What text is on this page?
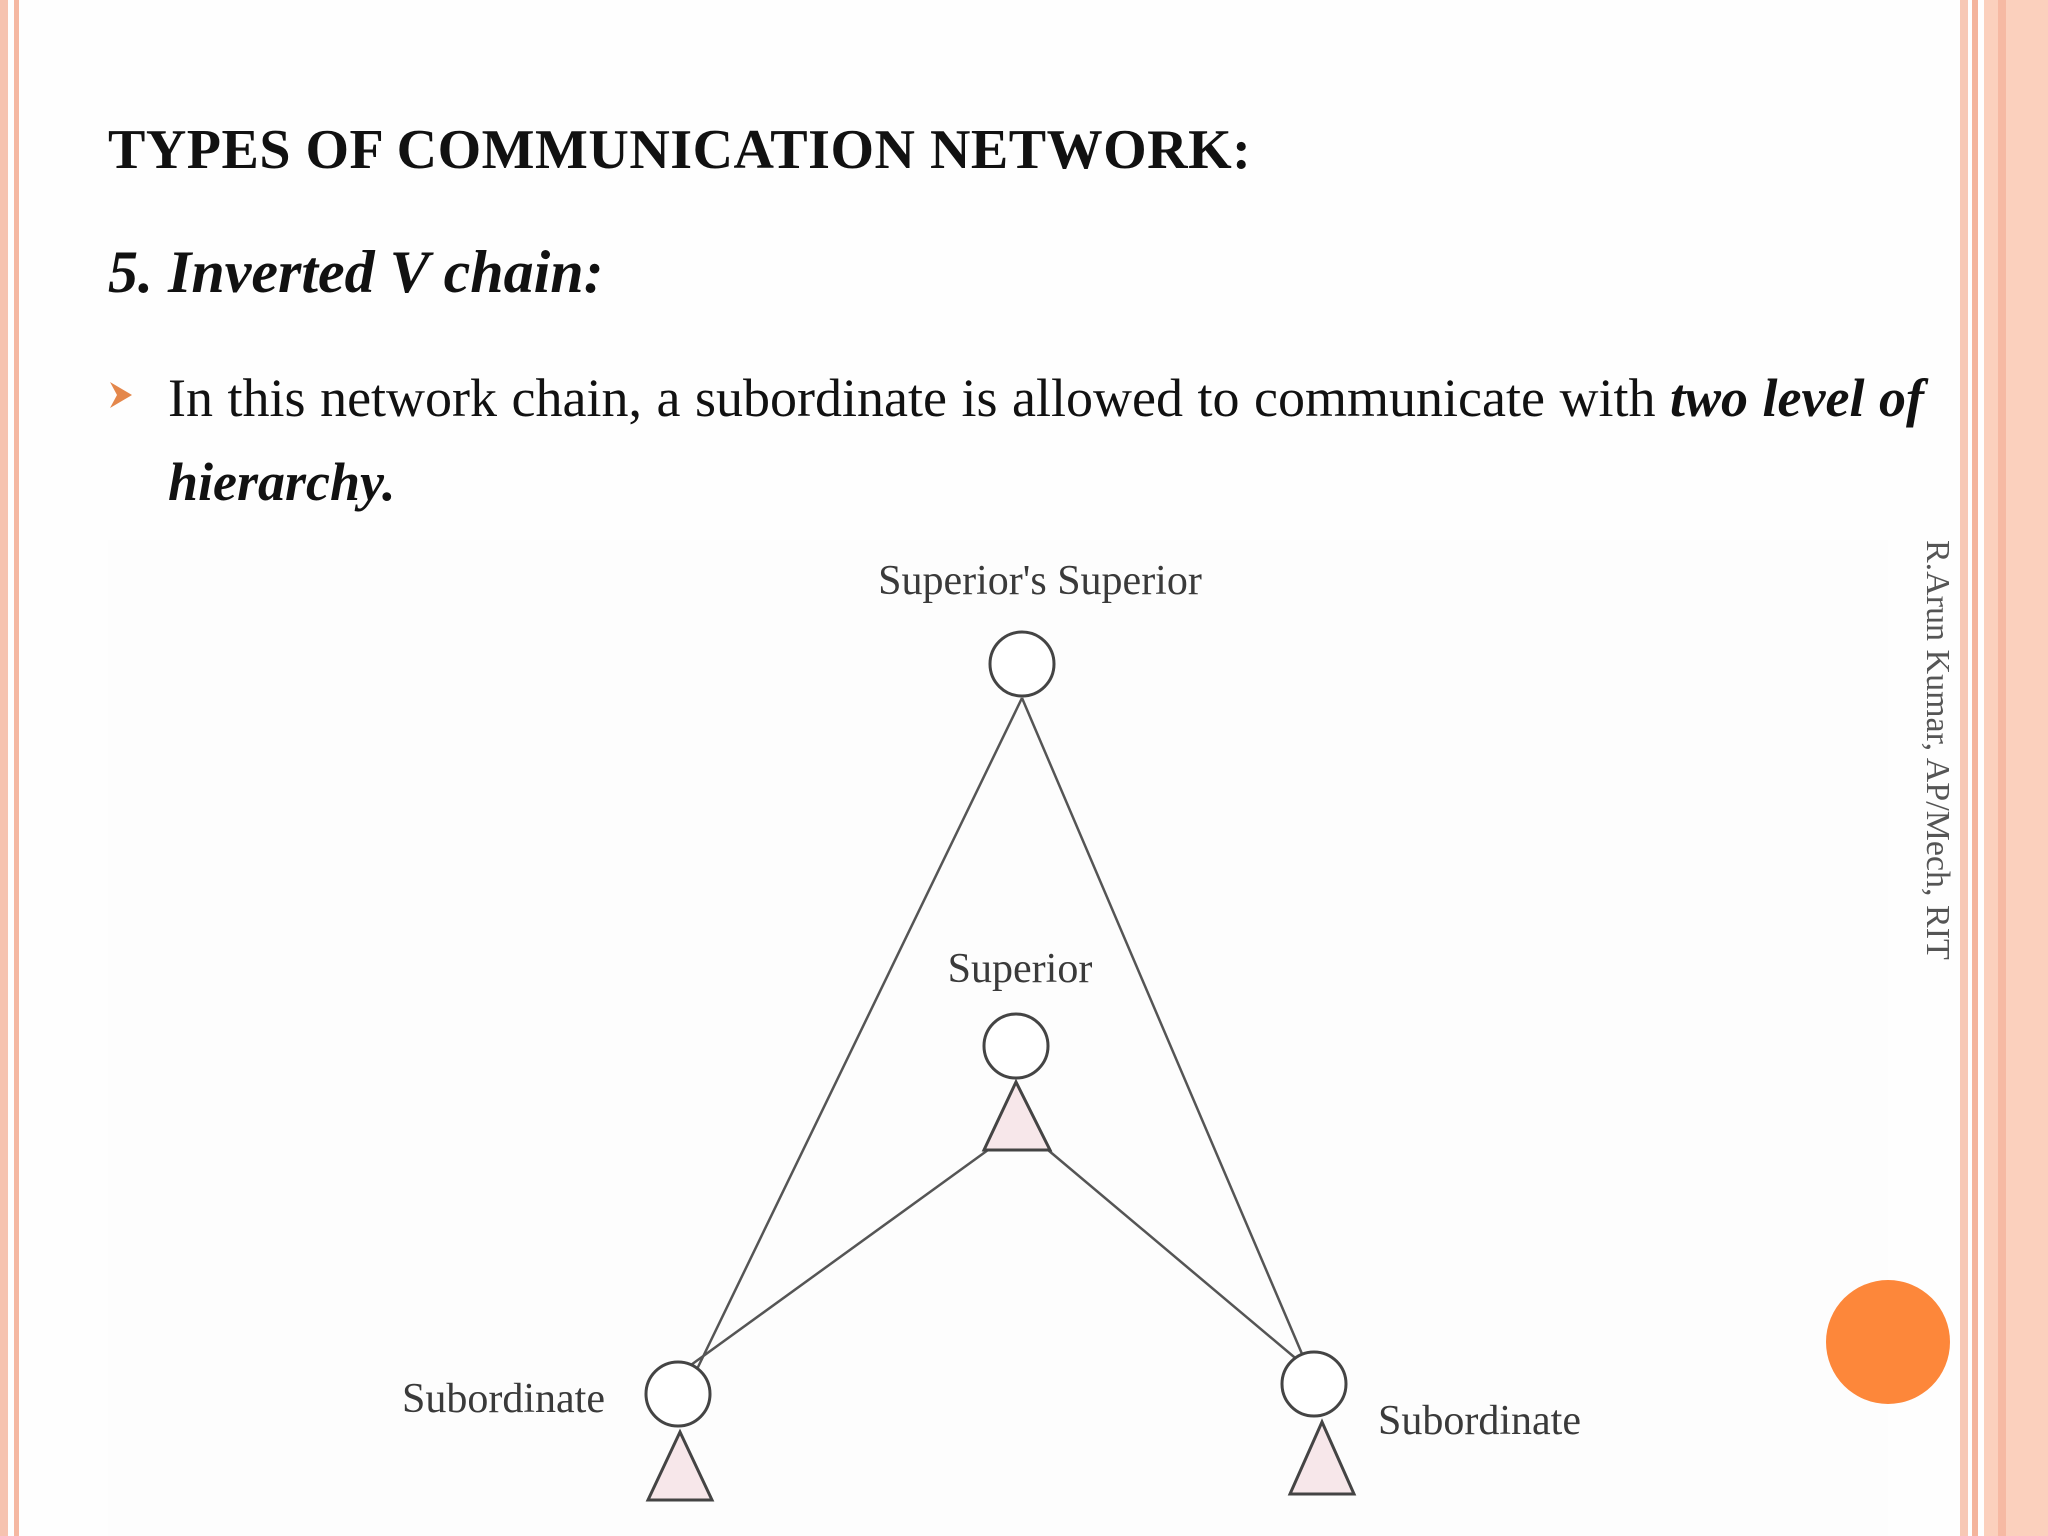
TYPES OF COMMUNICATION NETWORK:
5. Inverted V chain:

In this network chain, a subordinate is allowed to communicate with two level of hierarchy.

Superior's Superior
Superior
Subordinate	Subordinate
R.Arun Kumar, AP/Mech, RIT
